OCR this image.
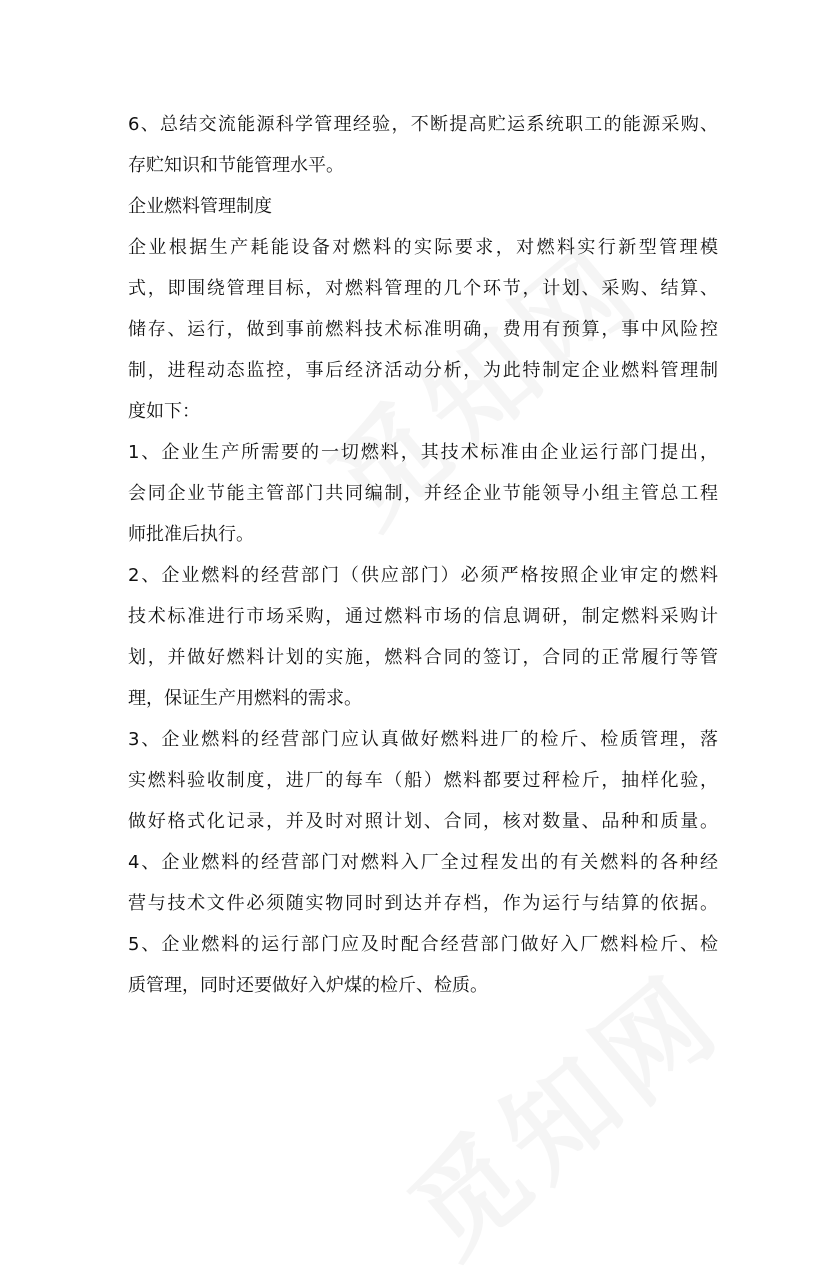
6、总结交流能源科学管理经验，不断提高贮运系统职工的能源采购、

存贮知识和节能管理水平。

企业燃料管理制度

企业根据生产耗能设备对燃料的实际要求，对燃料实行新型管理模

式，即围绕管理目标，对燃料管理的几个环节，计划、采购、结算、

储存、运行，做到事前燃料技术标准明确，费用有预算，事中风险控

制，进程动态监控，事后经济活动分析，为此特制定企业燃料管理制

度如下：

1、企业生产所需要的一切燃料，其技术标准由企业运行部门提出，

会同企业节能主管部门共同编制，并经企业节能领导小组主管总工程

师批准后执行。

2、企业燃料的经营部门（供应部门）必须严格按照企业审定的燃料

技术标准进行市场采购，通过燃料市场的信息调研，制定燃料采购计

划，并做好燃料计划的实施，燃料合同的签订，合同的正常履行等管

理，保证生产用燃料的需求。

3、企业燃料的经营部门应认真做好燃料进厂的检斤、检质管理，落

实燃料验收制度，进厂的每车（船）燃料都要过秤检斤，抽样化验，

做好格式化记录，并及时对照计划、合同，核对数量、品种和质量。

4、企业燃料的经营部门对燃料入厂全过程发出的有关燃料的各种经

营与技术文件必须随实物同时到达并存档，作为运行与结算的依据。

5、企业燃料的运行部门应及时配合经营部门做好入厂燃料检斤、检

质管理，同时还要做好入炉煤的检斤、检质。
